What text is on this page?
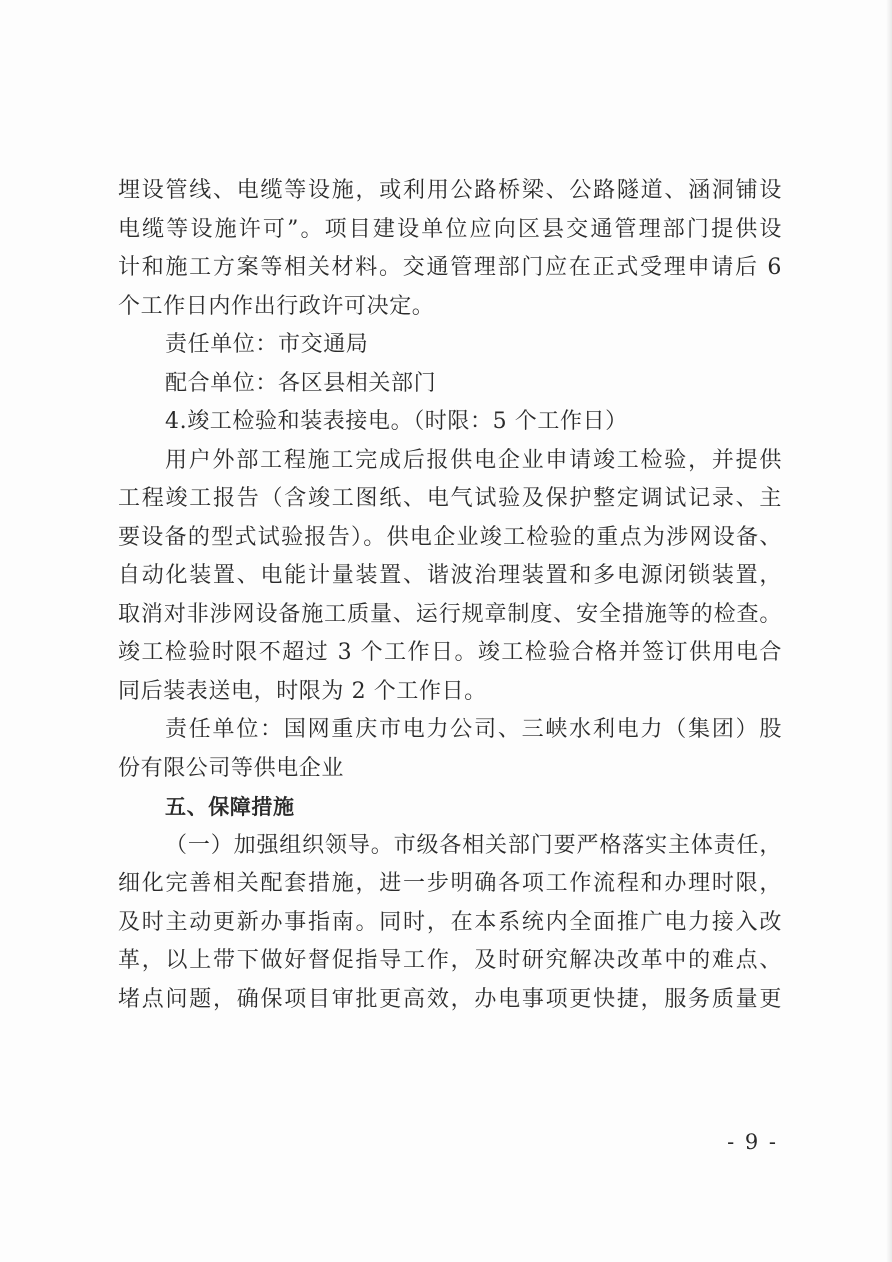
埋设管线、电缆等设施，或利用公路桥梁、公路隧道、涵洞铺设
电缆等设施许可”。项目建设单位应向区县交通管理部门提供设
计和施工方案等相关材料。交通管理部门应在正式受理申请后 6
个工作日内作出行政许可决定。
责任单位：市交通局
配合单位：各区县相关部门
4.竣工检验和装表接电。（时限：5 个工作日）
用户外部工程施工完成后报供电企业申请竣工检验，并提供
工程竣工报告（含竣工图纸、电气试验及保护整定调试记录、主
要设备的型式试验报告）。供电企业竣工检验的重点为涉网设备、
自动化装置、电能计量装置、谐波治理装置和多电源闭锁装置，
取消对非涉网设备施工质量、运行规章制度、安全措施等的检查。
竣工检验时限不超过 3 个工作日。竣工检验合格并签订供用电合
同后装表送电，时限为 2 个工作日。
责任单位：国网重庆市电力公司、三峡水利电力（集团）股
份有限公司等供电企业
五、保障措施
（一）加强组织领导。市级各相关部门要严格落实主体责任，
细化完善相关配套措施，进一步明确各项工作流程和办理时限，
及时主动更新办事指南。同时，在本系统内全面推广电力接入改
革，以上带下做好督促指导工作，及时研究解决改革中的难点、
堵点问题，确保项目审批更高效，办电事项更快捷，服务质量更
- 9 -
